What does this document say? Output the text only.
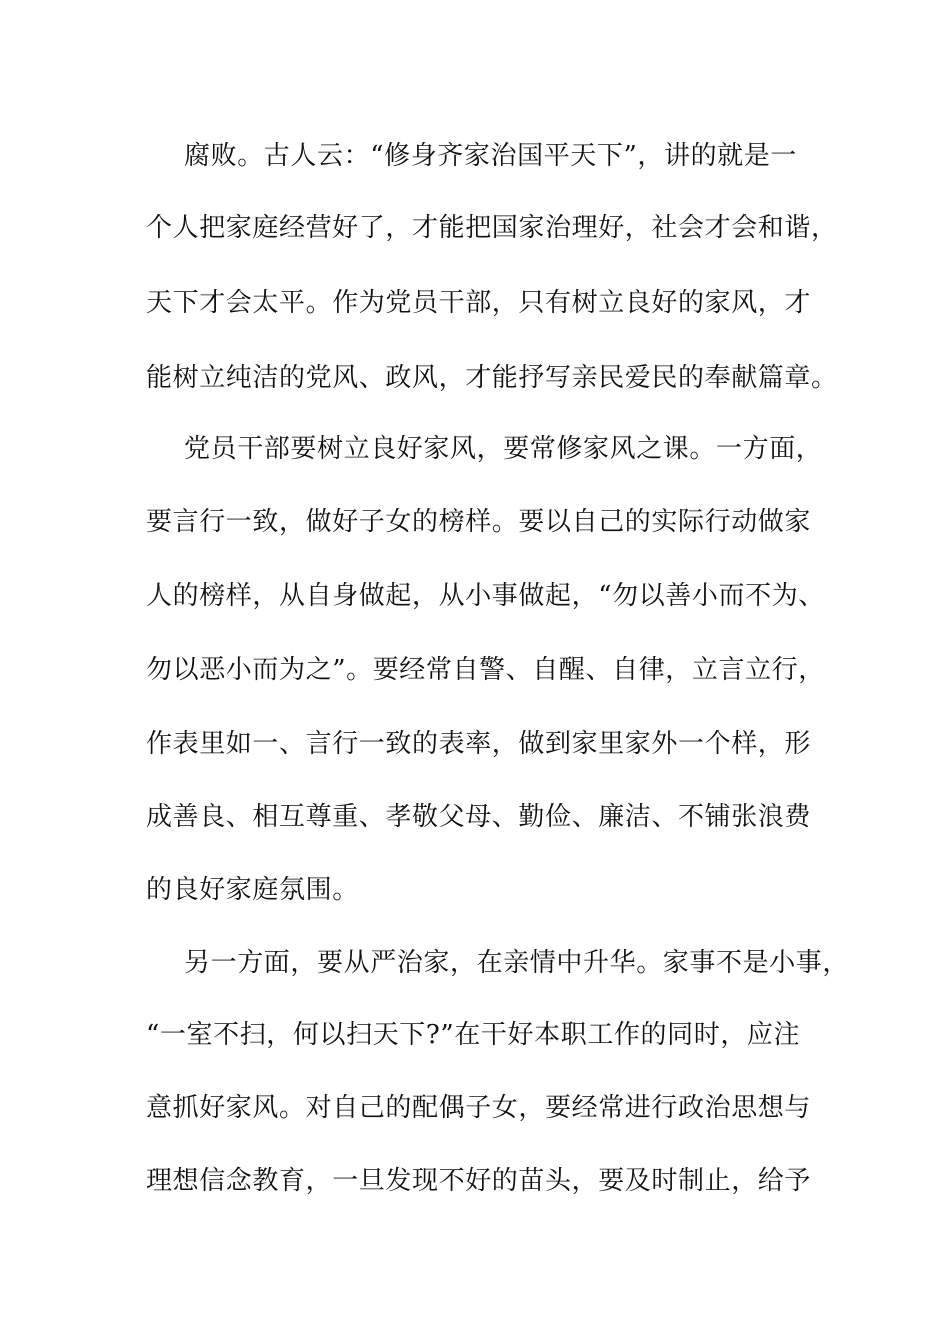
腐败。古人云：“修身齐家治国平天下”，讲的就是一
个人把家庭经营好了，才能把国家治理好，社会才会和谐，
天下才会太平。作为党员干部，只有树立良好的家风，才
能树立纯洁的党风、政风，才能抒写亲民爱民的奉献篇章。
党员干部要树立良好家风，要常修家风之课。一方面，
要言行一致，做好子女的榜样。要以自己的实际行动做家
人的榜样，从自身做起，从小事做起，“勿以善小而不为、
勿以恶小而为之”。要经常自警、自醒、自律，立言立行，
作表里如一、言行一致的表率，做到家里家外一个样，形
成善良、相互尊重、孝敬父母、勤俭、廉洁、不铺张浪费
的良好家庭氛围。
另一方面，要从严治家，在亲情中升华。家事不是小事，
“一室不扫，何以扫天下?”在干好本职工作的同时，应注
意抓好家风。对自己的配偶子女，要经常进行政治思想与
理想信念教育，一旦发现不好的苗头，要及时制止，给予
